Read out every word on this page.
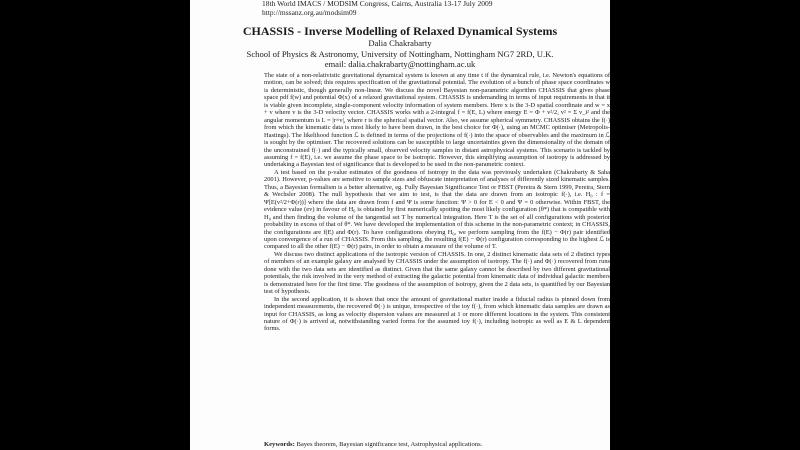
18th World IMACS / MODSIM Congress, Cairns, Australia 13-17 July 2009
http://mssanz.org.au/modsim09
CHASSIS - Inverse Modelling of Relaxed Dynamical Systems
Dalia Chakrabarty
School of Physics & Astronomy, University of Nottingham, Nottingham NG7 2RD, U.K.
email: dalia.chakrabarty@nottingham.ac.uk

The state of a non-relativistic gravitational dynamical system is known at any time t if the dynamical rule, i.e. Newton's equations of motion, can be solved; this requires specification of the gravitational potential. The evolution of a bunch of phase space coordinates w is deterministic, though generally non-linear. We discuss the novel Bayesian non-parametric algorithm CHASSIS that gives phase space pdf f(w) and potential Φ(x) of a relaxed gravitational system. CHASSIS is undemanding in terms of input requirements in that it is viable given incomplete, single-component velocity information of system members. Here x is the 3-D spatial coordinate and w = x + v where v is the 3-D velocity vector. CHASSIS works with a 2-integral f = f(E, L) where energy E = Φ + v²/2, v² = Σ v_i² and the angular momentum is L = |r×v|, where r is the spherical spatial vector. Also, we assume spherical symmetry. CHASSIS obtains the f(·) from which the kinematic data is most likely to have been drawn, in the best choice for Φ(·), using an MCMC optimiser (Metropolis-Hastings). The likelihood function ℒ is defined in terms of the projections of f(·) into the space of observables and the maximum in ℒ is sought by the optimiser. The recovered solutions can be susceptible to large uncertainties given the dimensionality of the domain of the unconstrained f(·) and the typically small, observed velocity samples in distant astrophysical systems. This scenario is tackled by assuming f = f(E), i.e. we assume the phase space to be isotropic. However, this simplifying assumption of isotropy is addressed by undertaking a Bayesian test of significance that is developed to be used in the non-parametric context.

A test based on the p-value estimates of the goodness of isotropy in the data was previously undertaken (Chakrabarty & Saha 2001). However, p-values are sensitive to sample sizes and obfuscate interpretation of analyses of differently sized kinematic samples. Thus, a Bayesian formalism is a better alternative, eg. Fully Bayesian Significance Test or FBST (Pereira & Stern 1999, Pereira, Stern & Wechsler 2008). The null hypothesis that we aim to test, is that the data are drawn from an isotropic f(·), i.e. H₀ : f = Ψ[E(v²/2+Φ(r))] where the data are drawn from f and Ψ is some function: Ψ > 0 for E < 0 and Ψ = 0 otherwise. Within FBST, the evidence value (ev) in favour of H₀ is obtained by first numerically spotting the most likely configuration (θ*) that is compatible with H₀ and then finding the volume of the tangential set T by numerical integration. Here T is the set of all configurations with posterior probability in excess of that of θ*. We have developed the implementation of this scheme in the non-parametric context; in CHASSIS, the configurations are f(E) and Φ(r). To have configurations obeying H₀, we perform sampling from the f(E) − Φ(r) pair identified upon convergence of a run of CHASSIS. From this sampling, the resulting f(E) − Φ(r) configuration corresponding to the highest ℒ is compared to all the other f(E) − Φ(r) pairs, in order to obtain a measure of the volume of T.

We discuss two distinct applications of the isotropic version of CHASSIS. In one, 2 distinct kinematic data sets of 2 distinct types of members of an example galaxy are analysed by CHASSIS under the assumption of isotropy. The f(·) and Φ(·) recovered from runs done with the two data sets are identified as distinct. Given that the same galaxy cannot be described by two different gravitational potentials, the risk involved in the very method of extracting the galactic potential from kinematic data of individual galactic members is demonstrated here for the first time. The goodness of the assumption of isotropy, given the 2 data sets, is quantified by our Bayesian test of hypothesis.

In the second application, it is shown that once the amount of gravitational matter inside a fiducial radius is pinned down from independent measurements, the recovered Φ(·) is unique, irrespective of the toy f(·), from which kinematic data samples are drawn as input for CHASSIS, as long as velocity dispersion values are measured at 1 or more different locations in the system. This consistent nature of Φ(·) is arrived at, notwithstanding varied forms for the assumed toy f(·), including isotropic as well as E & L dependent forms.

Keywords: Bayes theorem, Bayesian significance test, Astrophysical applications.
